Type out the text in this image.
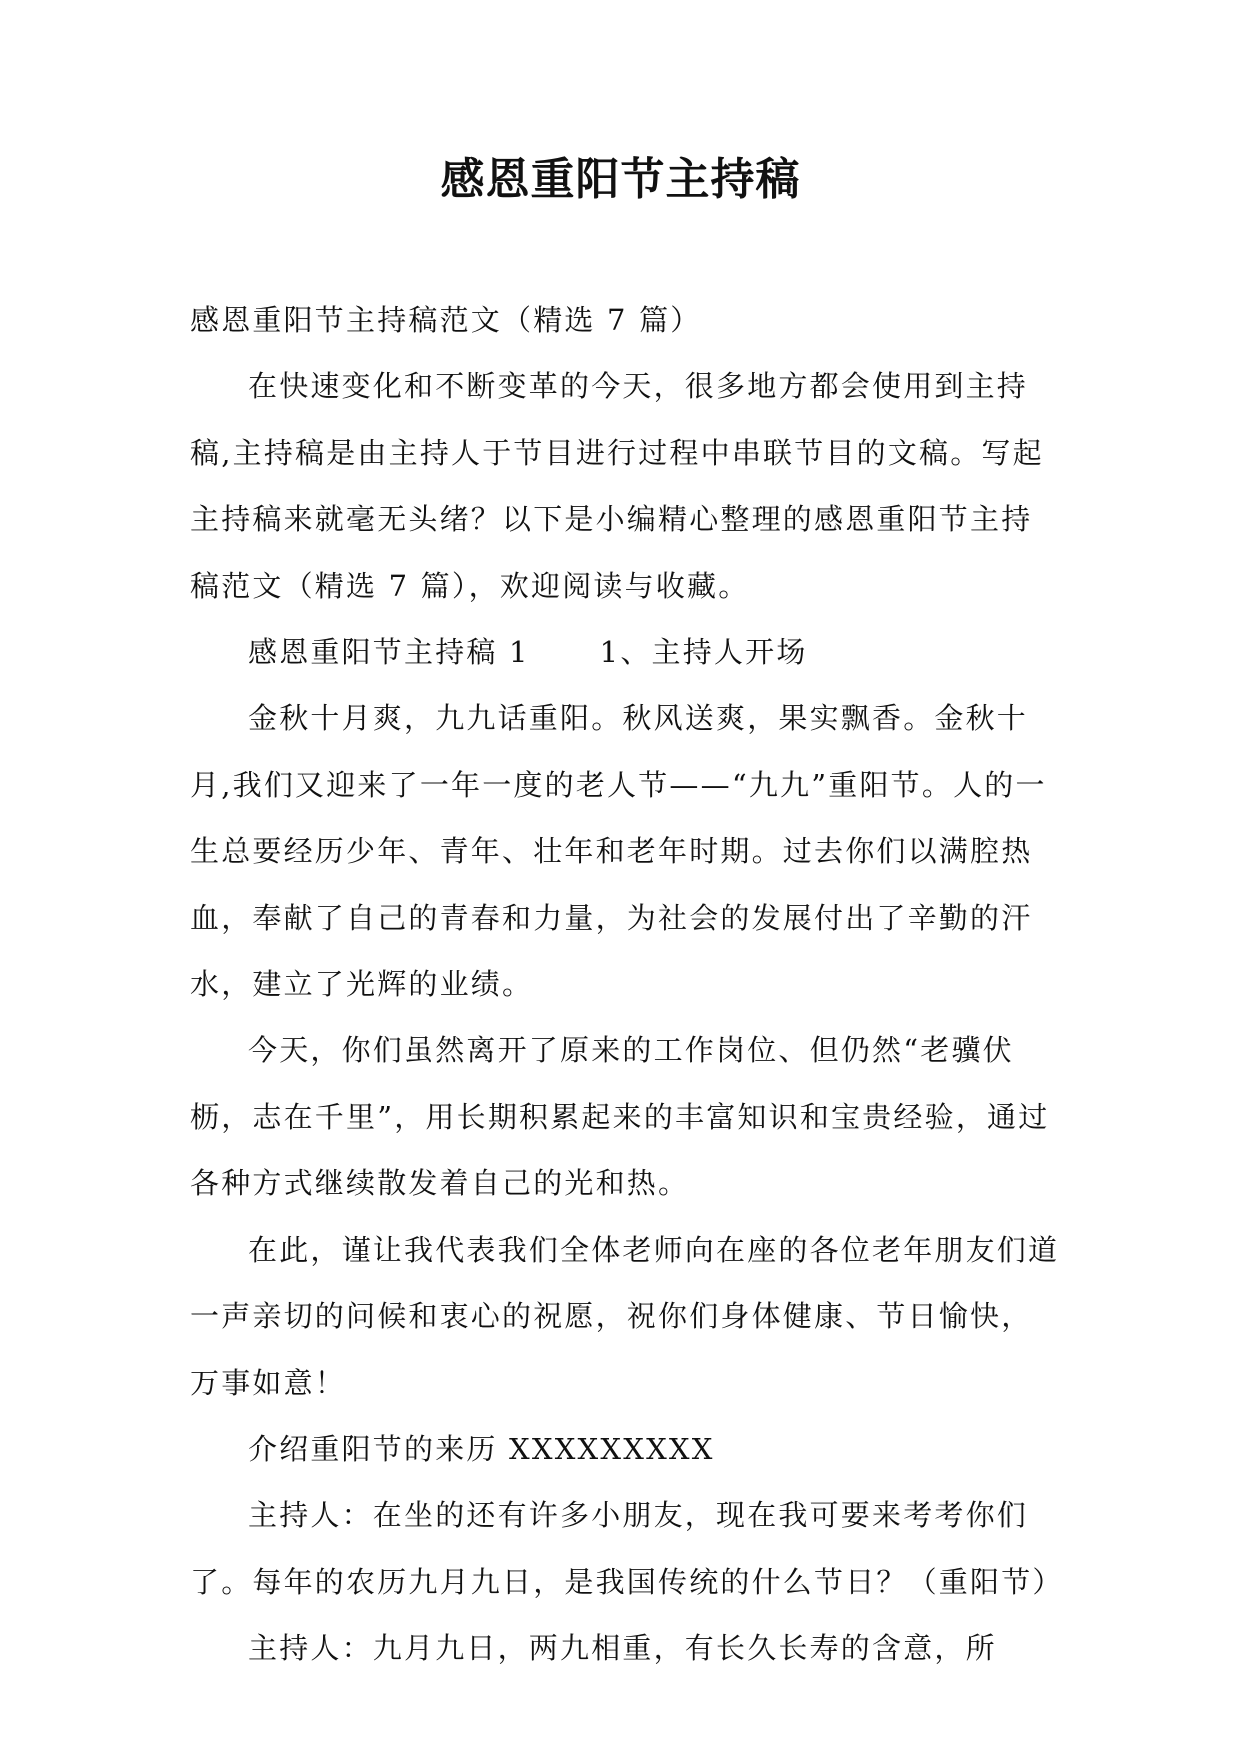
感恩重阳节主持稿

感恩重阳节主持稿范文（精选 7 篇）

在快速变化和不断变革的今天，很多地方都会使用到主持稿,主持稿是由主持人于节目进行过程中串联节目的文稿。写起主持稿来就毫无头绪？以下是小编精心整理的感恩重阳节主持稿范文（精选 7 篇），欢迎阅读与收藏。

感恩重阳节主持稿 1 1、主持人开场

金秋十月爽，九九话重阳。秋风送爽，果实飘香。金秋十月,我们又迎来了一年一度的老人节——“九九”重阳节。人的一生总要经历少年、青年、壮年和老年时期。过去你们以满腔热血，奉献了自己的青春和力量，为社会的发展付出了辛勤的汗水，建立了光辉的业绩。

今天，你们虽然离开了原来的工作岗位、但仍然“老骥伏枥，志在千里”，用长期积累起来的丰富知识和宝贵经验，通过各种方式继续散发着自己的光和热。

在此，谨让我代表我们全体老师向在座的各位老年朋友们道一声亲切的问候和衷心的祝愿，祝你们身体健康、节日愉快，万事如意！

介绍重阳节的来历 XXXXXXXXX

主持人：在坐的还有许多小朋友，现在我可要来考考你们了。每年的农历九月九日，是我国传统的什么节日？（重阳节）

主持人：九月九日，两九相重，有长久长寿的含意，所
